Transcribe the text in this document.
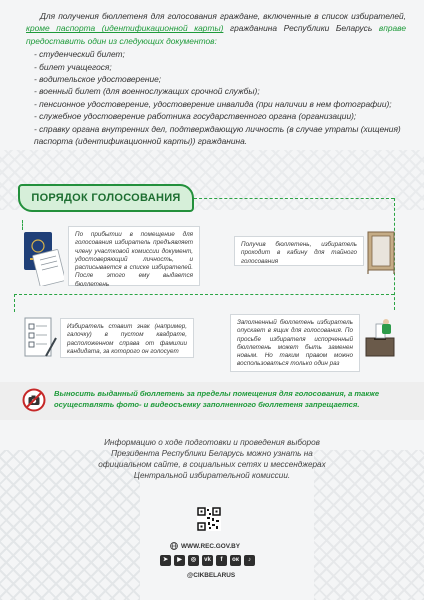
Для получения бюллетеня для голосования граждане, включенные в список избирателей, кроме паспорта (идентификационной карты) гражданина Республики Беларусь вправе предоставить один из следующих документов:

- студенческий билет;
- билет учащегося;
- водительское удостоверение;
- военный билет (для военнослужащих срочной службы);
- пенсионное удостоверение, удостоверение инвалида (при наличии в нем фотографии);
- служебное удостоверение работника государственного органа (организации);
- справку органа внутренних дел, подтверждающую личность (в случае утраты (хищения) паспорта (идентификационной карты)) гражданина.
ПОРЯДОК ГОЛОСОВАНИЯ
По прибытии в помещение для голосования избиратель предъявляет члену участковой комиссии документ, удостоверяющий личность, и расписывается в списке избирателей. После этого ему выдается бюллетень
Получив бюллетень, избиратель проходит в кабину для тайного голосования
Избиратель ставит знак (например, галочку) в пустом квадрате, расположенном справа от фамилии кандидата, за которого он голосует
Заполненный бюллетень избиратель опускает в ящик для голосования. По просьбе избирателя испорченный бюллетень может быть заменен новым. Но таким правом можно воспользоваться только один раз
Выносить выданный бюллетень за пределы помещения для голосования, а также осуществлять фото- и видеосъемку заполненного бюллетеня запрещается.
Информацию о ходе подготовки и проведения выборов Президента Республики Беларусь можно узнать на официальном сайте, в социальных сетях и мессенджерах Центральной избирательной комиссии.
WWW.REC.GOV.BY
➤	▶	◎	vk	f	ок	♪
@CIKBELARUS
